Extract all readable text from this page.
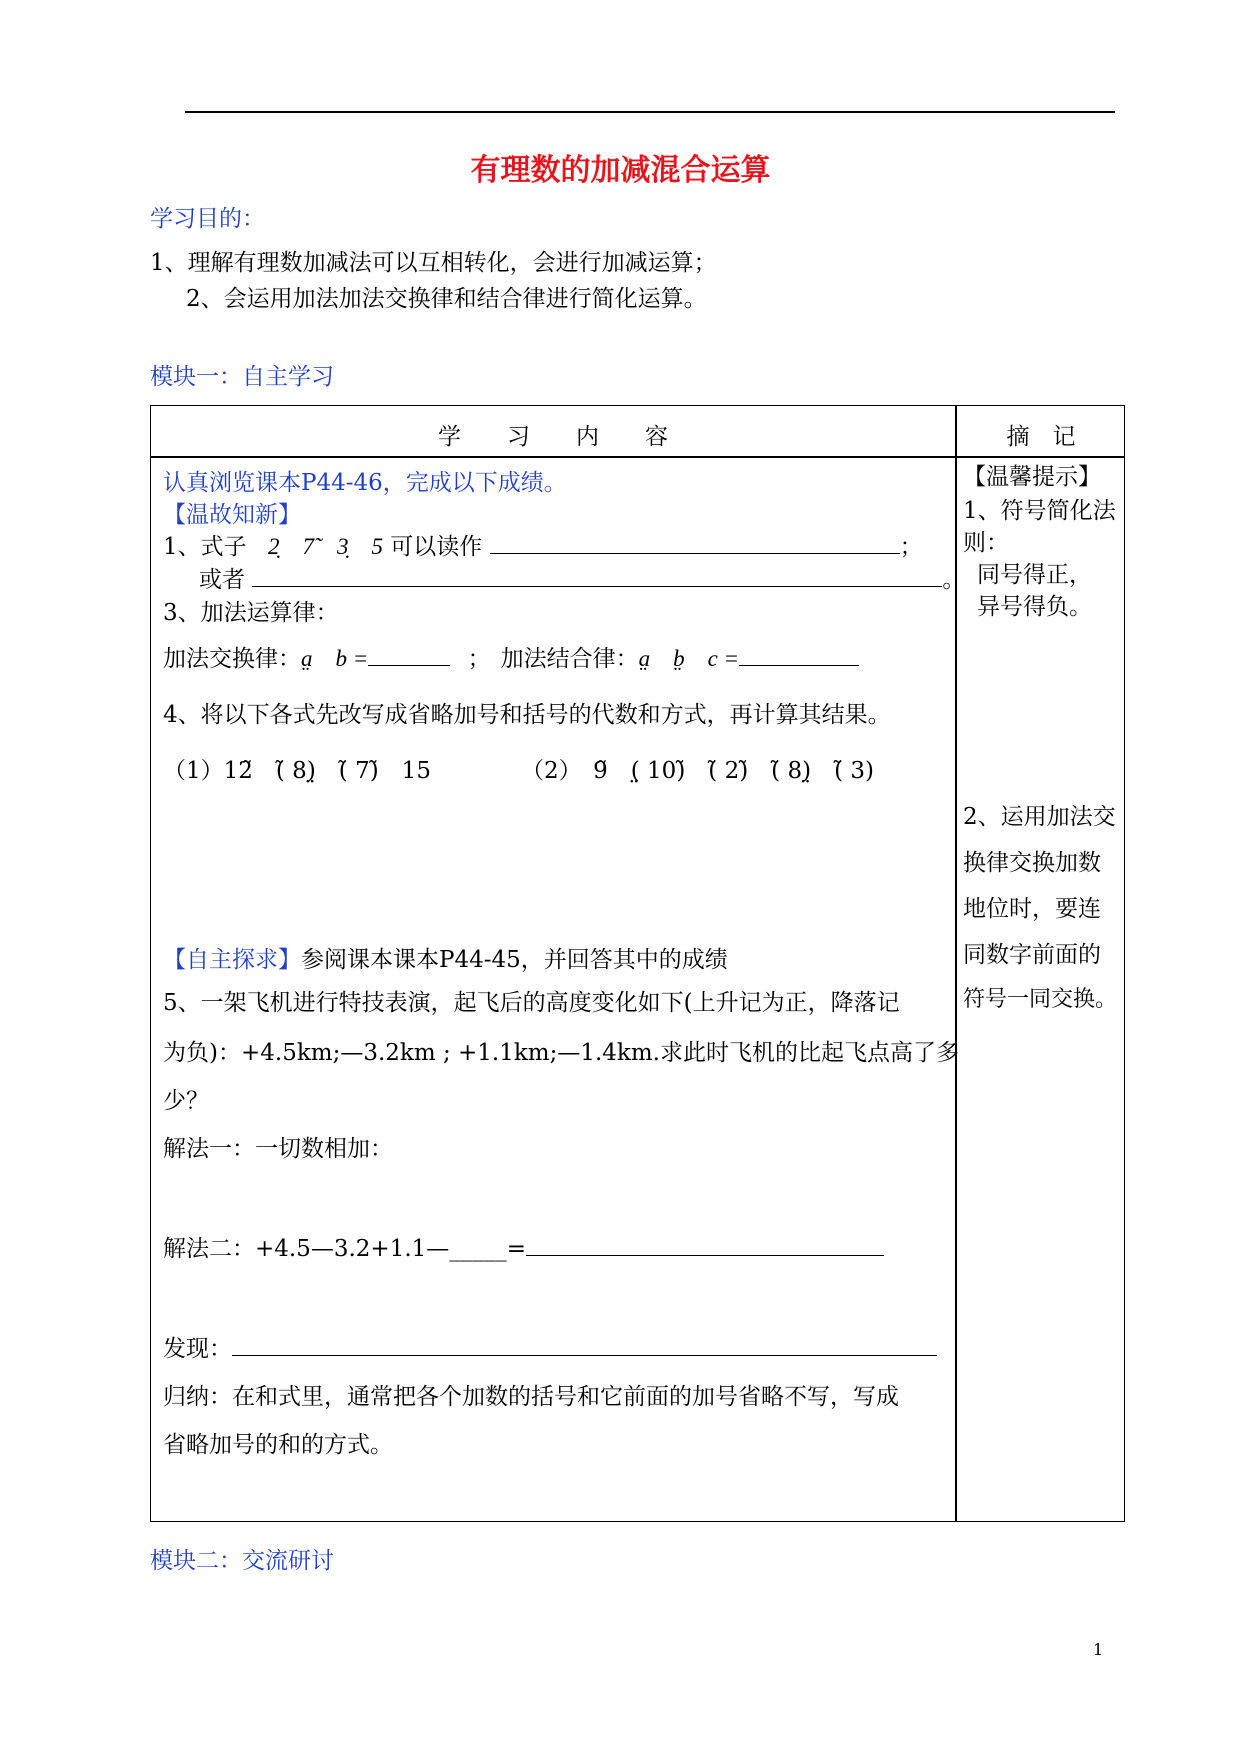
有理数的加减混合运算
学习目的：
1、理解有理数加减法可以互相转化，会进行加减运算；
2、会运用加法加法交换律和结合律进行简化运算。
模块一：自主学习
学　　习　　内　　容	摘　记
认真浏览课本P44-46，完成以下成绩。
【温故知新】
1、式子 2̣　7̃　3̣　5 可以读作	；
或者	。
3、加法运算律：
加法交换律：a̤　b =	； 加法结合律：a̤　b̤　c =
4、将以下各式先改写成省略加号和括号的代数和方式，再计算其结果。
（1）12̃　(̃ 8)̤　(̃ 7)̃　15	（2）　9̃　(̤ 10)̃　(̃ 2)̃　(̃ 8)̤　(̃ 3)
【自主探求】参阅课本课本P44-45，并回答其中的成绩
5、一架飞机进行特技表演，起飞后的高度变化如下(上升记为正，降落记
为负)：+4.5km;—3.2km ; +1.1km;—1.4km.求此时飞机的比起飞点高了多
少？
解法一：一切数相加：
解法二：+4.5—3.2+1.1—_____=
发现：
归纳：在和式里，通常把各个加数的括号和它前面的加号省略不写，写成
省略加号的和的方式。
【温馨提示】
1、符号简化法
则：
同号得正，
异号得负。
2、运用加法交
换律交换加数
地位时，要连
同数字前面的
符号一同交换。
模块二：交流研讨
1
